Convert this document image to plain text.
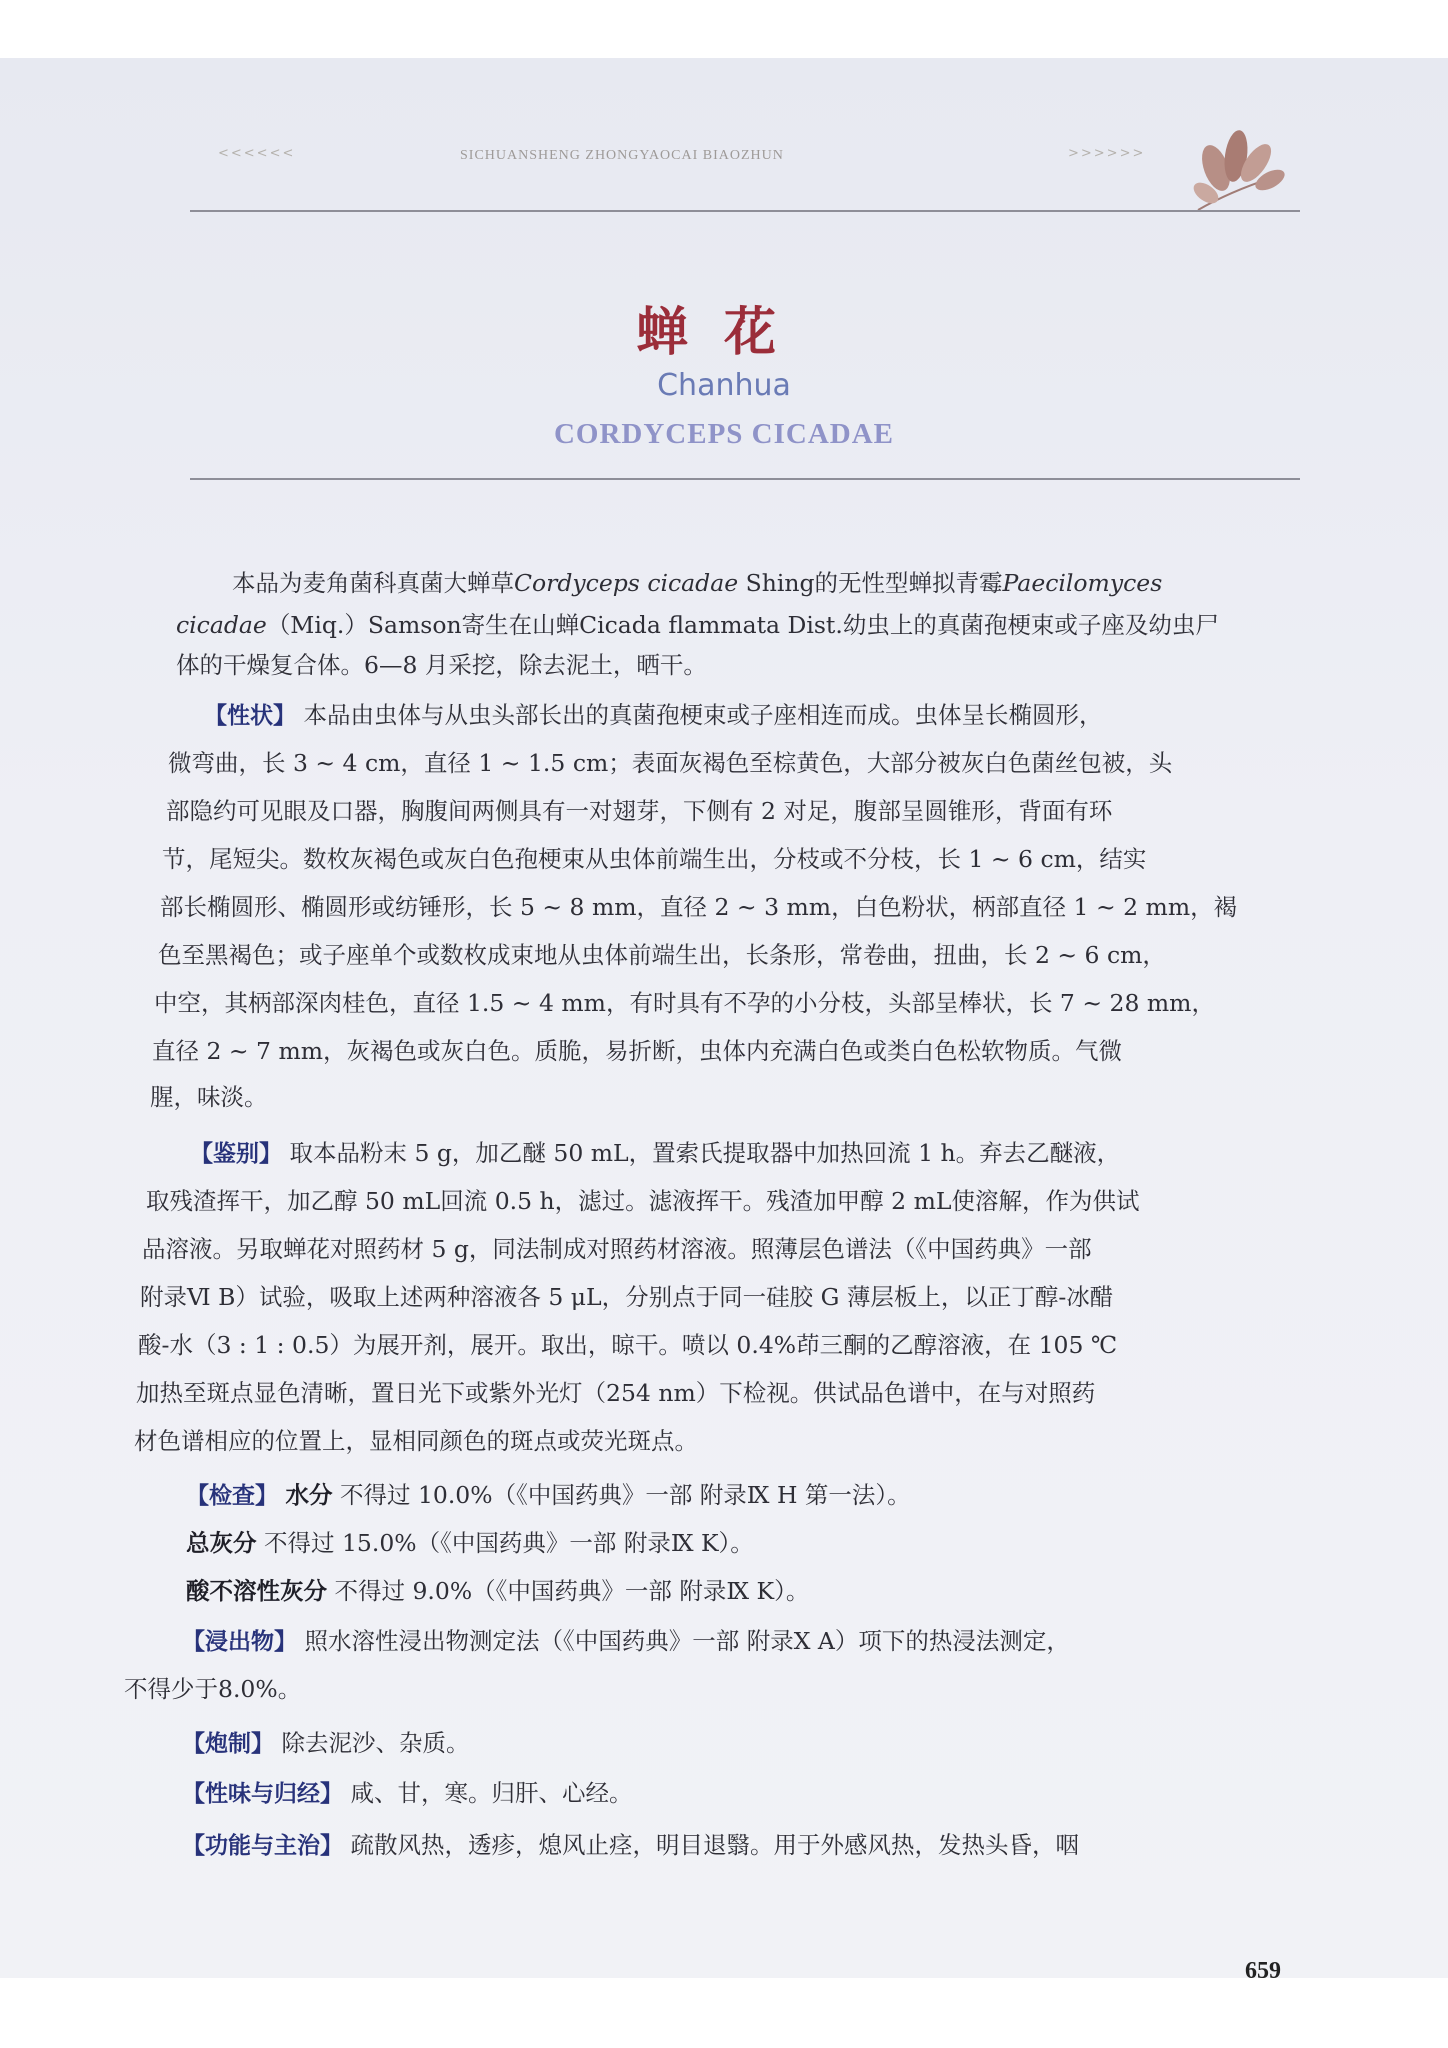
<<<<<<	SICHUANSHENG ZHONGYAOCAI BIAOZHUN	>>>>>>
蝉花
Chanhua
CORDYCEPS CICADAE
本品为麦角菌科真菌大蝉草Cordyceps cicadae Shing的无性型蝉拟青霉Paecilomyces
cicadae（Miq.）Samson寄生在山蝉Cicada flammata Dist.幼虫上的真菌孢梗束或子座及幼虫尸
体的干燥复合体。6—8 月采挖，除去泥土，晒干。
【性状】 本品由虫体与从虫头部长出的真菌孢梗束或子座相连而成。虫体呈长椭圆形，
微弯曲，长 3 ~ 4 cm，直径 1 ~ 1.5 cm；表面灰褐色至棕黄色，大部分被灰白色菌丝包被，头
部隐约可见眼及口器，胸腹间两侧具有一对翅芽，下侧有 2 对足，腹部呈圆锥形，背面有环
节，尾短尖。数枚灰褐色或灰白色孢梗束从虫体前端生出，分枝或不分枝，长 1 ~ 6 cm，结实
部长椭圆形、椭圆形或纺锤形，长 5 ~ 8 mm，直径 2 ~ 3 mm，白色粉状，柄部直径 1 ~ 2 mm，褐
色至黑褐色；或子座单个或数枚成束地从虫体前端生出，长条形，常卷曲，扭曲，长 2 ~ 6 cm，
中空，其柄部深肉桂色，直径 1.5 ~ 4 mm，有时具有不孕的小分枝，头部呈棒状，长 7 ~ 28 mm，
直径 2 ~ 7 mm，灰褐色或灰白色。质脆，易折断，虫体内充满白色或类白色松软物质。气微
腥，味淡。
【鉴别】 取本品粉末 5 g，加乙醚 50 mL，置索氏提取器中加热回流 1 h。弃去乙醚液，
取残渣挥干，加乙醇 50 mL回流 0.5 h，滤过。滤液挥干。残渣加甲醇 2 mL使溶解，作为供试
品溶液。另取蝉花对照药材 5 g，同法制成对照药材溶液。照薄层色谱法（《中国药典》一部
附录Ⅵ B）试验，吸取上述两种溶液各 5 μL，分别点于同一硅胶 G 薄层板上，以正丁醇-冰醋
酸-水（3 : 1 : 0.5）为展开剂，展开。取出，晾干。喷以 0.4%茚三酮的乙醇溶液，在 105 ℃
加热至斑点显色清晰，置日光下或紫外光灯（254 nm）下检视。供试品色谱中，在与对照药
材色谱相应的位置上，显相同颜色的斑点或荧光斑点。
【检查】 水分 不得过 10.0%（《中国药典》一部 附录Ⅸ H 第一法）。
总灰分 不得过 15.0%（《中国药典》一部 附录Ⅸ K）。
酸不溶性灰分 不得过 9.0%（《中国药典》一部 附录Ⅸ K）。
【浸出物】 照水溶性浸出物测定法（《中国药典》一部 附录X A）项下的热浸法测定，
不得少于8.0%。
【炮制】 除去泥沙、杂质。
【性味与归经】 咸、甘，寒。归肝、心经。
【功能与主治】 疏散风热，透疹，熄风止痉，明目退翳。用于外感风热，发热头昏，咽
659
